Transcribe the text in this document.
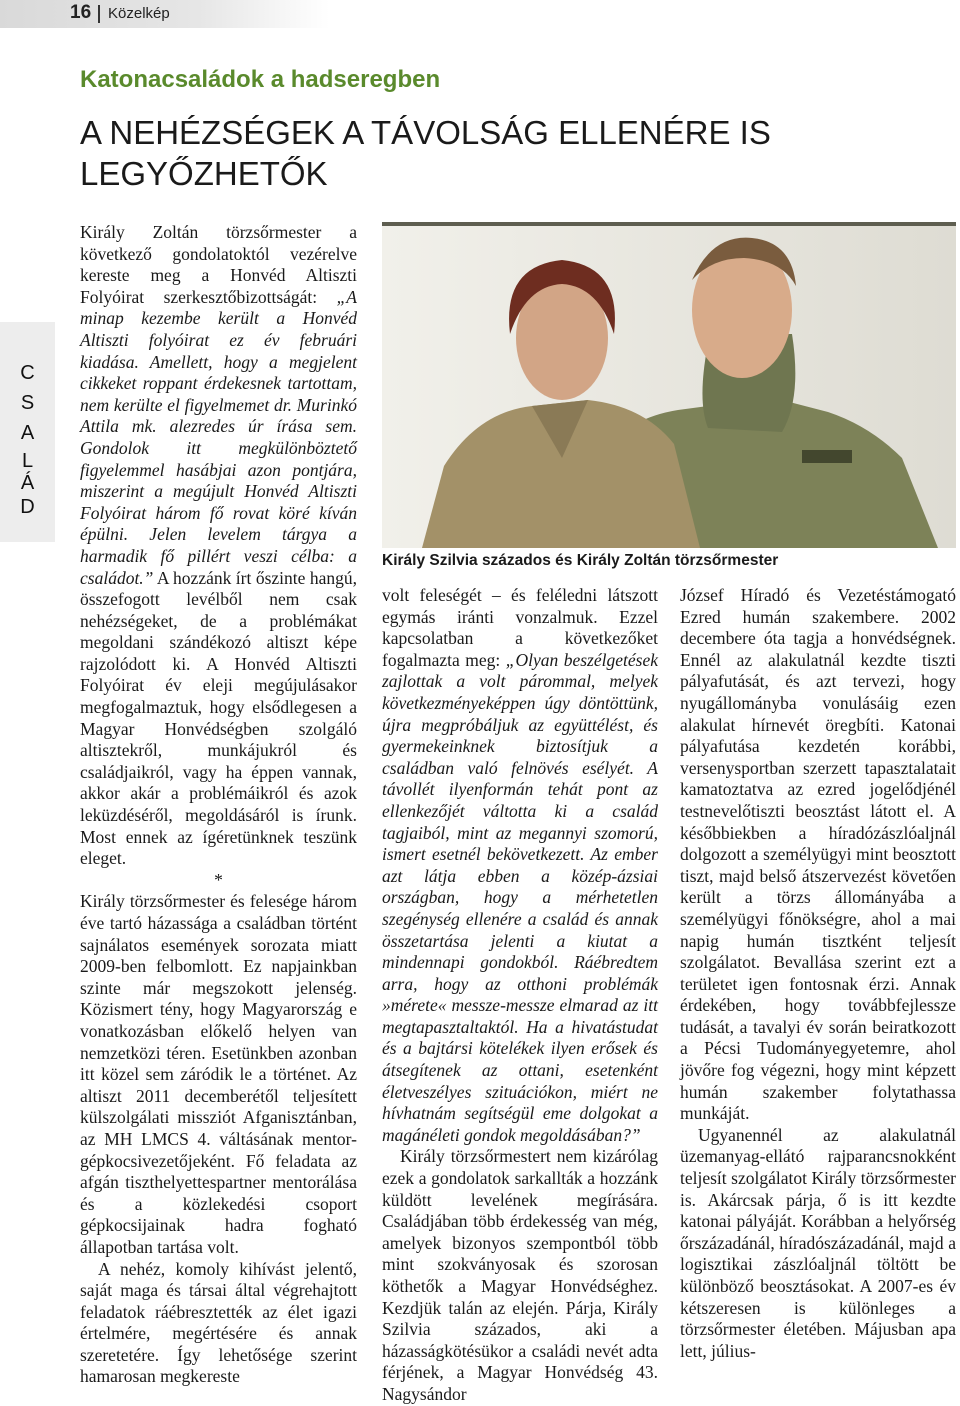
16 Közelkép
Katonacsaládok a hadseregben
A NEHÉZSÉGEK A TÁVOLSÁG ELLENÉRE IS LEGYŐZHETŐK
C
S
A
L
Á
D

Király Zoltán törzsőrmester a következő gondolatoktól vezérelve kereste meg a Honvéd Altiszti Folyóirat szerkesztőbizottságát: „A minap kezembe került a Honvéd Altiszti folyóirat ez év februári kiadása. Amellett, hogy a megjelent cikkeket roppant érdekesnek tartottam, nem kerülte el figyelmemet dr. Murinkó Attila mk. alezredes úr írása sem. Gondolok itt megkülönböztető figyelemmel hasábjai azon pontjára, miszerint a megújult Honvéd Altiszti Folyóirat három fő rovat köré kíván épülni. Jelen levelem tárgya a harmadik fő pillért veszi célba: a családot.” A hozzánk írt őszinte hangú, összefogott levélből nem csak nehézségeket, de a problémákat megoldani szándékozó altiszt képe rajzolódott ki. A Honvéd Altiszti Folyóirat év eleji megújulásakor megfogalmaztuk, hogy elsődlegesen a Magyar Honvédségben szolgáló altisztekről, munkájukról és családjaikról, vagy ha éppen vannak, akkor akár a problémáikról és azok leküzdéséről, megoldásáról is írunk. Most ennek az ígéretünknek teszünk eleget.

*

Király törzsőrmester és felesége három éve tartó házassága a családban történt sajnálatos események sorozata miatt 2009-ben felbomlott. Ez napjainkban szinte már megszokott jelenség. Közismert tény, hogy Magyarország e vonatkozásban előkelő helyen van nemzetközi téren. Esetünkben azonban itt közel sem záródik le a történet. Az altiszt 2011 decemberétől teljesített külszolgálati missziót Afganisztánban, az MH LMCS 4. váltásának mentor-gépkocsivezetőjeként. Fő feladata az afgán tiszthelyettespartner mentorálása és a közlekedési csoport gépkocsijainak hadra fogható állapotban tartása volt.

A nehéz, komoly kihívást jelentő, saját maga és társai által végrehajtott feladatok ráébresztették az élet igazi értelmére, megértésére és annak szeretetére. Így lehetősége szerint hamarosan megkereste

Király Szilvia százados és Király Zoltán törzsőrmester

volt feleségét – és feléledni látszott egymás iránti vonzalmuk. Ezzel kapcsolatban a következőket fogalmazta meg: „Olyan beszélgetések zajlottak a volt párommal, melyek következményeképpen úgy döntöttünk, újra megpróbáljuk az együttélést, és gyermekeinknek biztosítjuk a családban való felnövés esélyét. A távollét ilyenformán tehát pont az ellenkezőjét váltotta ki a család tagjaiból, mint az megannyi szomorú, ismert esetnél bekövetkezett. Az ember azt látja ebben a közép-ázsiai országban, hogy a mérhetetlen szegénység ellenére a család és annak összetartása jelenti a kiutat a mindennapi gondokból. Ráébredtem arra, hogy az otthoni problémák »mérete« messze-messze elmarad az itt megtapasztaltaktól. Ha a hivatástudat és a bajtársi kötelékek ilyen erősek és átsegítenek az ottani, esetenként életveszélyes szituációkon, miért ne hívhatnám segítségül eme dolgokat a magánéleti gondok megoldásában?”

Király törzsőrmestert nem kizárólag ezek a gondolatok sarkallták a hozzánk küldött levelének megírására. Családjában több érdekesség van még, amelyek bizonyos szempontból több mint szokványosak és szorosan köthetők a Magyar Honvédséghez. Kezdjük talán az elején. Párja, Király Szilvia százados, aki a házasságkötésükor a családi nevét adta férjének, a Magyar Honvédség 43. Nagysándor

József Híradó és Vezetéstámogató Ezred humán szakembere. 2002 decembere óta tagja a honvédségnek. Ennél az alakulatnál kezdte tiszti pályafutását, és azt tervezi, hogy nyugállományba vonulásáig ezen alakulat hírnevét öregbíti. Katonai pályafutása kezdetén korábbi, versenysportban szerzett tapasztalatait kamatoztatva az ezred jogelődjénél testnevelőtiszti beosztást látott el. A későbbiekben a híradózászlóaljnál dolgozott a személyügyi mint beosztott tiszt, majd belső átszervezést követően került a törzs állományába a személyügyi főnökségre, ahol a mai napig humán tisztként teljesít szolgálatot. Bevallása szerint ezt a területet igen fontosnak érzi. Annak érdekében, hogy továbbfejlessze tudását, a tavalyi év során beiratkozott a Pécsi Tudományegyetemre, ahol jövőre fog végezni, hogy mint képzett humán szakember folytathassa munkáját.

Ugyanennél az alakulatnál üzemanyag-ellátó rajparancsnokként teljesít szolgálatot Király törzsőrmester is. Akárcsak párja, ő is itt kezdte katonai pályáját. Korábban a helyőrség őrszázadánál, híradószázadánál, majd a logisztikai zászlóaljnál töltött be különböző beosztásokat. A 2007-es év kétszeresen is különleges a törzsőrmester életében. Májusban apa lett, július-
